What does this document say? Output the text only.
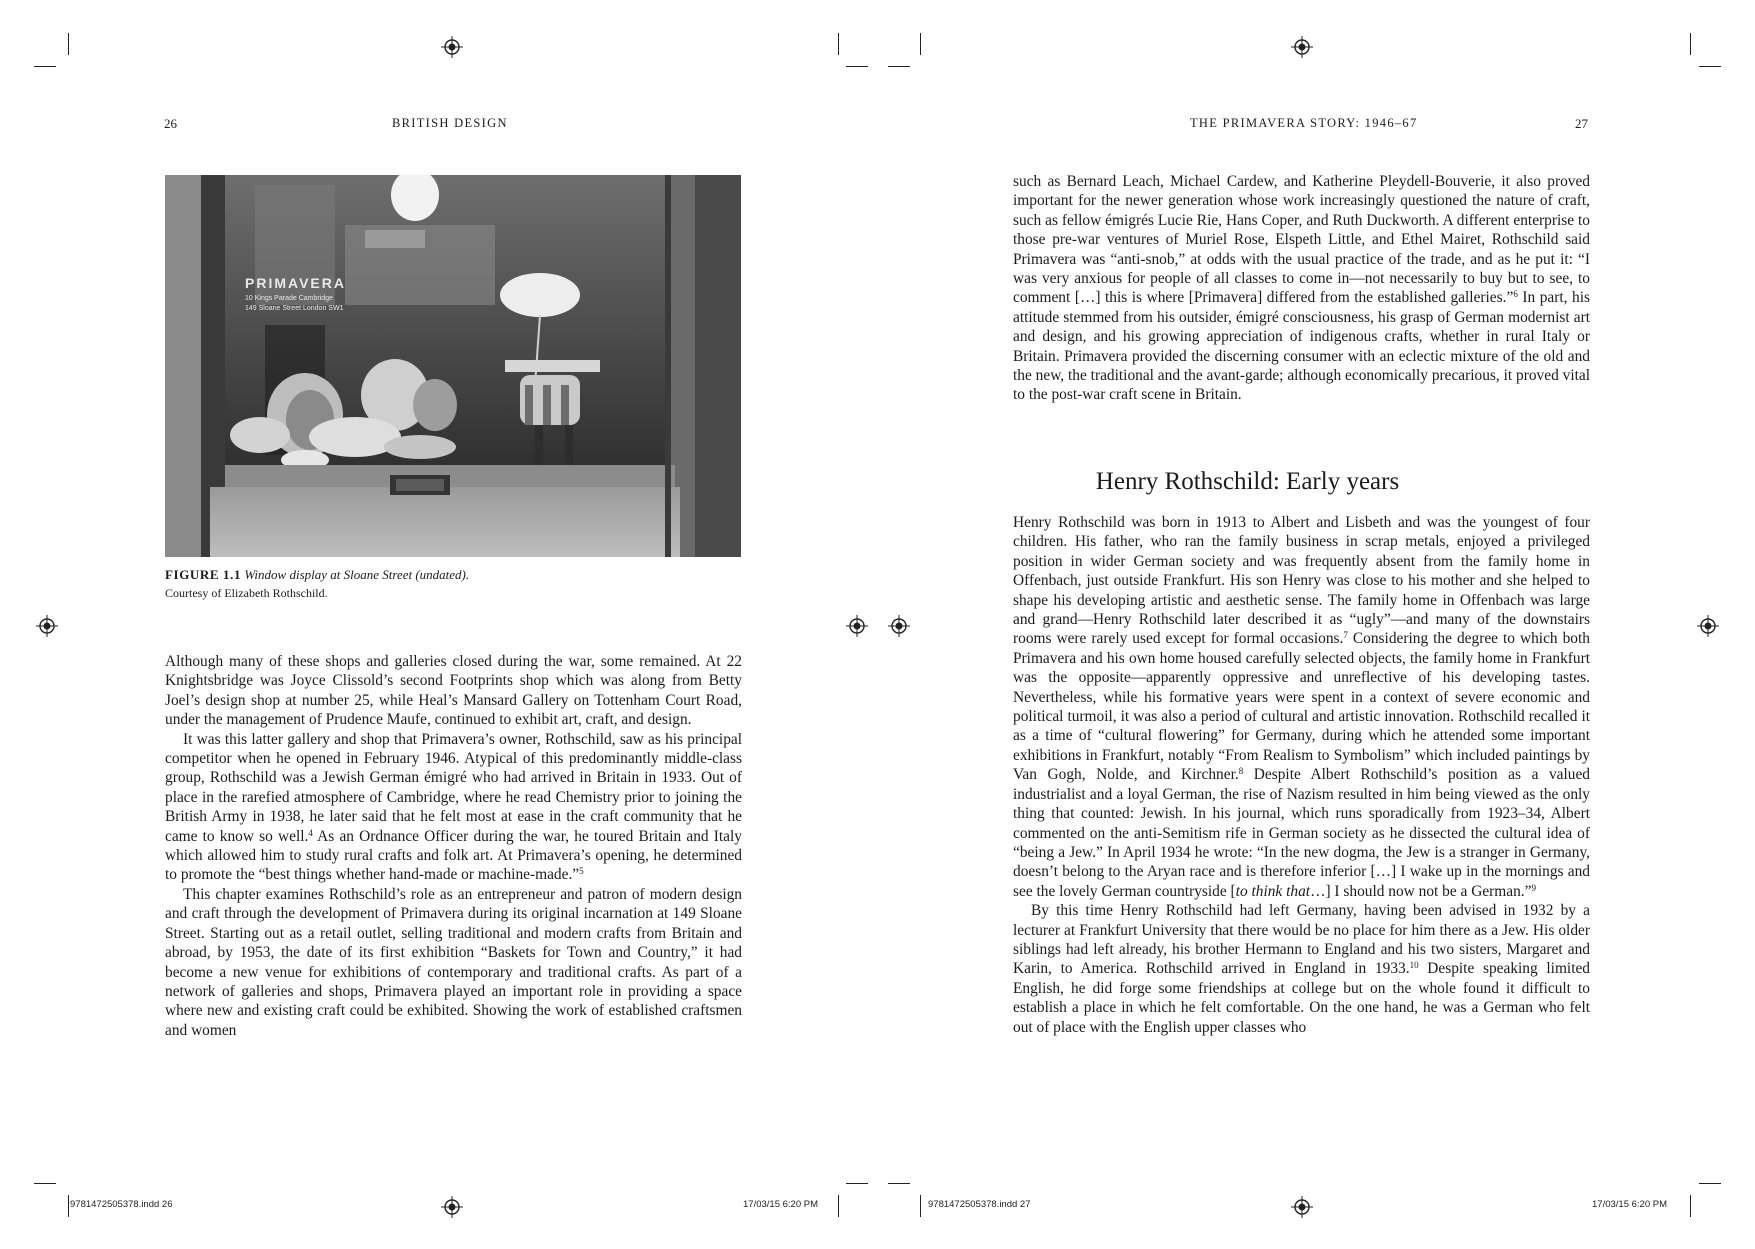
26	BRITISH DESIGN
PRIMAVERA
10 Kings Parade Cambridge
149 Sloane Street London SW1
FIGURE 1.1 Window display at Sloane Street (undated).
Courtesy of Elizabeth Rothschild.

Although many of these shops and galleries closed during the war, some remained. At 22 Knightsbridge was Joyce Clissold’s second Footprints shop which was along from Betty Joel’s design shop at number 25, while Heal’s Mansard Gallery on Tottenham Court Road, under the management of Prudence Maufe, continued to exhibit art, craft, and design.

It was this latter gallery and shop that Primavera’s owner, Rothschild, saw as his principal competitor when he opened in February 1946. Atypical of this predominantly middle-class group, Rothschild was a Jewish German émigré who had arrived in Britain in 1933. Out of place in the rarefied atmosphere of Cambridge, where he read Chemistry prior to joining the British Army in 1938, he later said that he felt most at ease in the craft community that he came to know so well.$^4$ As an Ordnance Officer during the war, he toured Britain and Italy which allowed him to study rural crafts and folk art. At Primavera’s opening, he determined to promote the “best things whether hand-made or machine-made.”$^5$

This chapter examines Rothschild’s role as an entrepreneur and patron of modern design and craft through the development of Primavera during its original incarnation at 149 Sloane Street. Starting out as a retail outlet, selling traditional and modern crafts from Britain and abroad, by 1953, the date of its first exhibition “Baskets for Town and Country,” it had become a new venue for exhibitions of contemporary and traditional crafts. As part of a network of galleries and shops, Primavera played an important role in providing a space where new and existing craft could be exhibited. Showing the work of established craftsmen and women

9781472505378.indd 26	17/03/15 6:20 PM
THE PRIMAVERA STORY: 1946–67	27

such as Bernard Leach, Michael Cardew, and Katherine Pleydell-Bouverie, it also proved important for the newer generation whose work increasingly questioned the nature of craft, such as fellow émigrés Lucie Rie, Hans Coper, and Ruth Duckworth. A different enterprise to those pre-war ventures of Muriel Rose, Elspeth Little, and Ethel Mairet, Rothschild said Primavera was “anti-snob,” at odds with the usual practice of the trade, and as he put it: “I was very anxious for people of all classes to come in—not necessarily to buy but to see, to comment […] this is where [Primavera] differed from the established galleries.”$^6$ In part, his attitude stemmed from his outsider, émigré consciousness, his grasp of German modernist art and design, and his growing appreciation of indigenous crafts, whether in rural Italy or Britain. Primavera provided the discerning consumer with an eclectic mixture of the old and the new, the traditional and the avant-garde; although economically precarious, it proved vital to the post-war craft scene in Britain.

Henry Rothschild: Early years

Henry Rothschild was born in 1913 to Albert and Lisbeth and was the youngest of four children. His father, who ran the family business in scrap metals, enjoyed a privileged position in wider German society and was frequently absent from the family home in Offenbach, just outside Frankfurt. His son Henry was close to his mother and she helped to shape his developing artistic and aesthetic sense. The family home in Offenbach was large and grand—Henry Rothschild later described it as “ugly”—and many of the downstairs rooms were rarely used except for formal occasions.$^7$ Considering the degree to which both Primavera and his own home housed carefully selected objects, the family home in Frankfurt was the opposite—apparently oppressive and unreflective of his developing tastes. Nevertheless, while his formative years were spent in a context of severe economic and political turmoil, it was also a period of cultural and artistic innovation. Rothschild recalled it as a time of “cultural flowering” for Germany, during which he attended some important exhibitions in Frankfurt, notably “From Realism to Symbolism” which included paintings by Van Gogh, Nolde, and Kirchner.$^8$ Despite Albert Rothschild’s position as a valued industrialist and a loyal German, the rise of Nazism resulted in him being viewed as the only thing that counted: Jewish. In his journal, which runs sporadically from 1923–34, Albert commented on the anti-Semitism rife in German society as he dissected the cultural idea of “being a Jew.” In April 1934 he wrote: “In the new dogma, the Jew is a stranger in Germany, doesn’t belong to the Aryan race and is therefore inferior […] I wake up in the mornings and see the lovely German countryside [to think that…] I should now not be a German.”$^9$

By this time Henry Rothschild had left Germany, having been advised in 1932 by a lecturer at Frankfurt University that there would be no place for him there as a Jew. His older siblings had left already, his brother Hermann to England and his two sisters, Margaret and Karin, to America. Rothschild arrived in England in 1933.10 Despite speaking limited English, he did forge some friendships at college but on the whole found it difficult to establish a place in which he felt comfortable. On the one hand, he was a German who felt out of place with the English upper classes who

9781472505378.indd 27	17/03/15 6:20 PM
